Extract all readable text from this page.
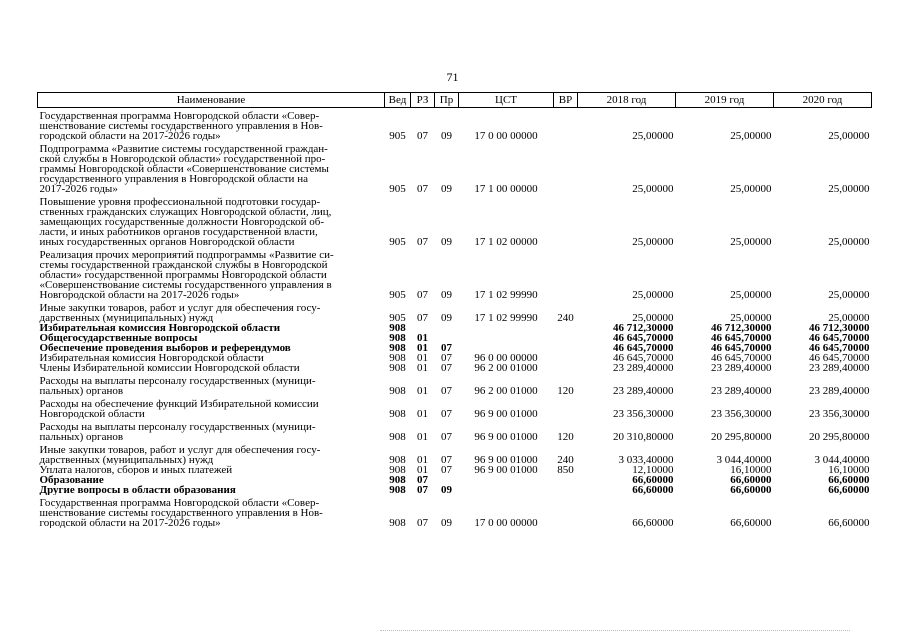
71
Наименование	Вед	РЗ	Пр	ЦСТ	ВР	2018 год	2019 год	2020 год

Государственная программа Новгородской области «Совер-
шенствование системы государственного управления в Нов-
городской области на 2017-2026 годы»	905	07	09	17 0 00 00000		25,00000	25,00000	25,00000

Подпрограмма «Развитие системы государственной граждан-
ской службы в Новгородской области» государственной про-
граммы Новгородской области «Совершенствование системы
государственного управления в Новгородской области на
2017-2026 годы»	905	07	09	17 1 00 00000		25,00000	25,00000	25,00000

Повышение уровня профессиональной подготовки государ-
ственных гражданских служащих Новгородской области, лиц,
замещающих государственные должности Новгородской об-
ласти, и иных работников органов государственной власти,
иных государственных органов Новгородской области	905	07	09	17 1 02 00000		25,00000	25,00000	25,00000

Реализация прочих мероприятий подпрограммы «Развитие си-
стемы государственной гражданской службы в Новгородской
области» государственной программы Новгородской области
«Совершенствование системы государственного управления в
Новгородской области на 2017-2026 годы»	905	07	09	17 1 02 99990		25,00000	25,00000	25,00000

Иные закупки товаров, работ и услуг для обеспечения госу-
дарственных (муниципальных) нужд	905	07	09	17 1 02 99990	240	25,00000	25,00000	25,00000

Избирательная комиссия Новгородской области	908					46 712,30000	46 712,30000	46 712,30000

Общегосударственные вопросы	908	01				46 645,70000	46 645,70000	46 645,70000

Обеспечение проведения выборов и референдумов	908	01	07			46 645,70000	46 645,70000	46 645,70000

Избирательная комиссия Новгородской области	908	01	07	96 0 00 00000		46 645,70000	46 645,70000	46 645,70000

Члены Избирательной комиссии Новгородской области	908	01	07	96 2 00 01000		23 289,40000	23 289,40000	23 289,40000

Расходы на выплаты персоналу государственных (муници-
пальных) органов	908	01	07	96 2 00 01000	120	23 289,40000	23 289,40000	23 289,40000

Расходы на обеспечение функций Избирательной комиссии
Новгородской области	908	01	07	96 9 00 01000		23 356,30000	23 356,30000	23 356,30000

Расходы на выплаты персоналу государственных (муници-
пальных) органов	908	01	07	96 9 00 01000	120	20 310,80000	20 295,80000	20 295,80000

Иные закупки товаров, работ и услуг для обеспечения госу-
дарственных (муниципальных) нужд	908	01	07	96 9 00 01000	240	3 033,40000	3 044,40000	3 044,40000

Уплата налогов, сборов и иных платежей	908	01	07	96 9 00 01000	850	12,10000	16,10000	16,10000

Образование	908	07				66,60000	66,60000	66,60000

Другие вопросы в области образования	908	07	09			66,60000	66,60000	66,60000

Государственная программа Новгородской области «Совер-
шенствование системы государственного управления в Нов-
городской области на 2017-2026 годы»	908	07	09	17 0 00 00000		66,60000	66,60000	66,60000
